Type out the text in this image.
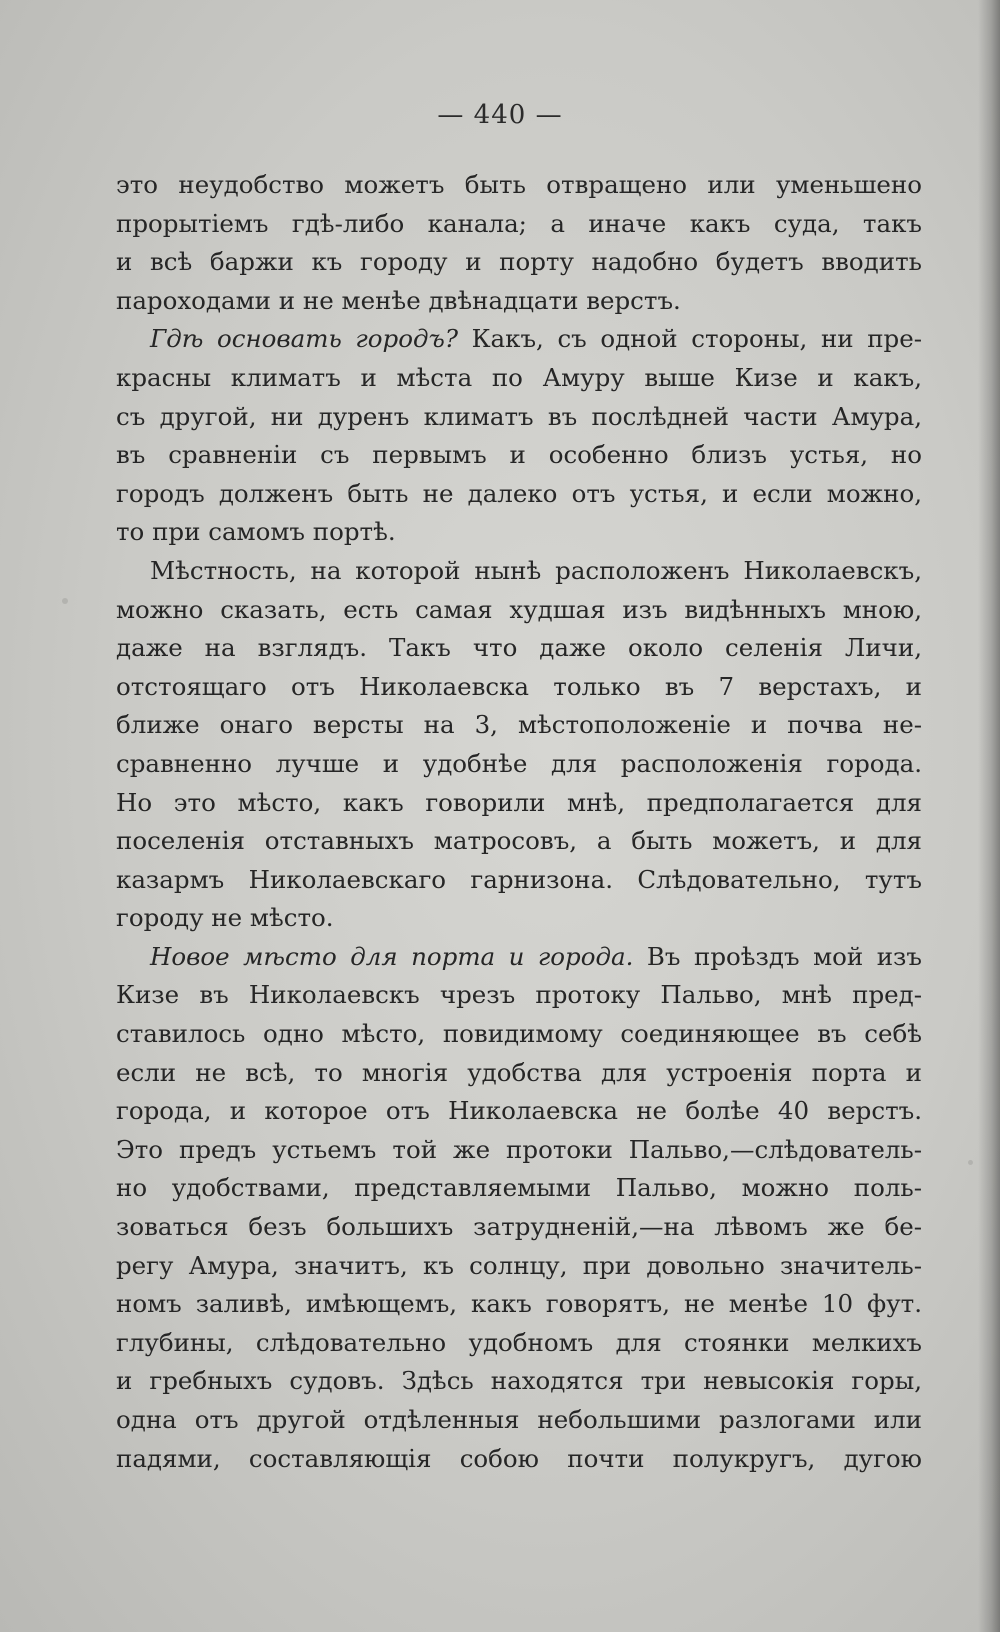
— 440 —
это неудобство можетъ быть отвращено или уменьшено
прорытіемъ гдѣ-либо канала; а иначе какъ суда, такъ
и всѣ баржи къ городу и порту надобно будетъ вводить
пароходами и не менѣе двѣнадцати верстъ.
Гдѣ основать городъ? Какъ, съ одной стороны, ни пре-
красны климатъ и мѣста по Амуру выше Кизе и какъ,
съ другой, ни дуренъ климатъ въ послѣдней части Амура,
въ сравненіи съ первымъ и особенно близъ устья, но
городъ долженъ быть не далеко отъ устья, и если можно,
то при самомъ портѣ.
Мѣстность, на которой нынѣ расположенъ Николаевскъ,
можно сказать, есть самая худшая изъ видѣнныхъ мною,
даже на взглядъ. Такъ что даже около селенія Личи,
отстоящаго отъ Николаевска только въ 7 верстахъ, и
ближе онаго версты на 3, мѣстоположеніе и почва не-
сравненно лучше и удобнѣе для расположенія города.
Но это мѣсто, какъ говорили мнѣ, предполагается для
поселенія отставныхъ матросовъ, а быть можетъ, и для
казармъ Николаевскаго гарнизона. Слѣдовательно, тутъ
городу не мѣсто.
Новое мѣсто для порта и города. Въ проѣздъ мой изъ
Кизе въ Николаевскъ чрезъ протоку Пальво, мнѣ пред-
ставилось одно мѣсто, повидимому соединяющее въ себѣ
если не всѣ, то многія удобства для устроенія порта и
города, и которое отъ Николаевска не болѣе 40 верстъ.
Это предъ устьемъ той же протоки Пальво,—слѣдователь-
но удобствами, представляемыми Пальво, можно поль-
зоваться безъ большихъ затрудненій,—на лѣвомъ же бе-
регу Амура, значитъ, къ солнцу, при довольно значитель-
номъ заливѣ, имѣющемъ, какъ говорятъ, не менѣе 10 фут.
глубины, слѣдовательно удобномъ для стоянки мелкихъ
и гребныхъ судовъ. Здѣсь находятся три невысокія горы,
одна отъ другой отдѣленныя небольшими разлогами или
падями, составляющія собою почти полукругъ, дугою
